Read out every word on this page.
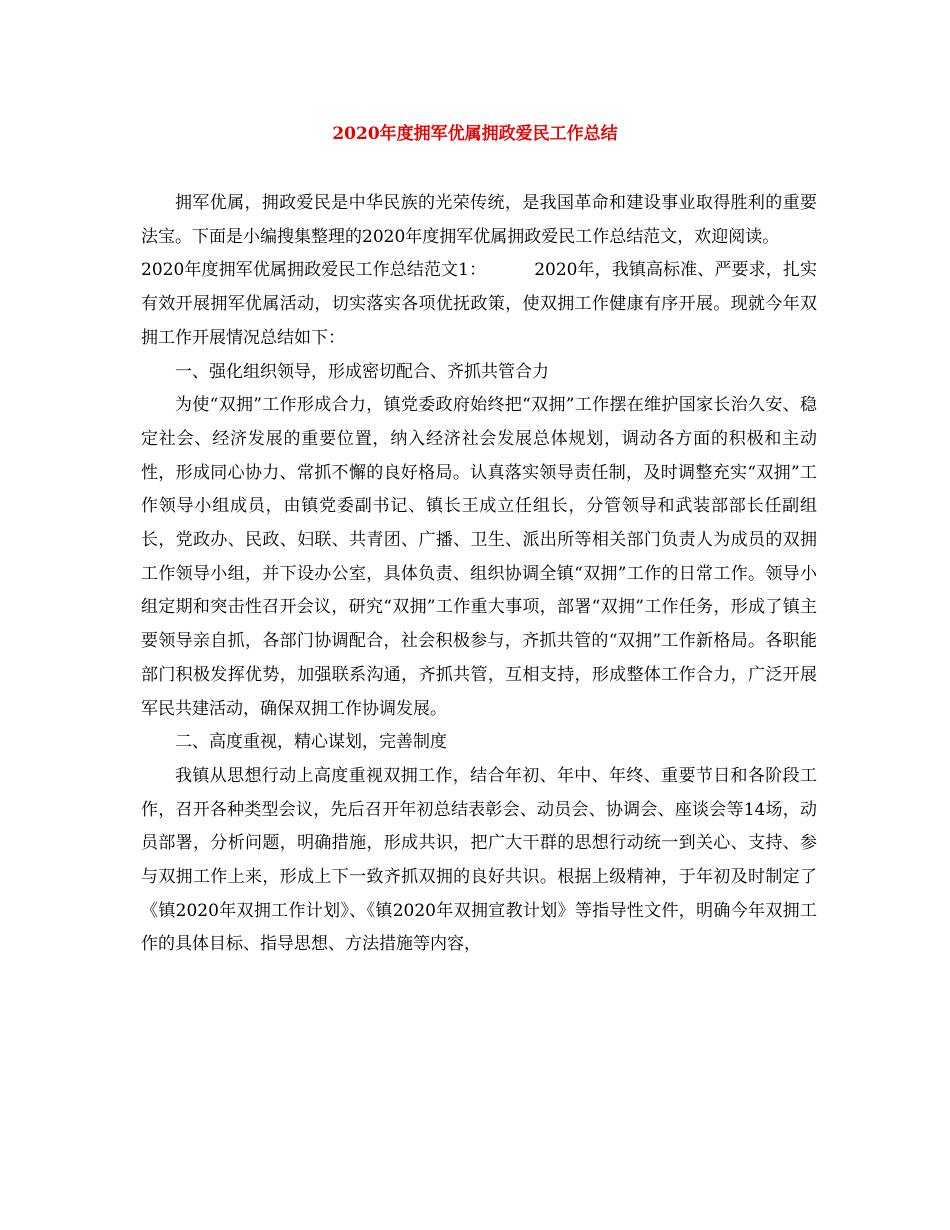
2020年度拥军优属拥政爱民工作总结

拥军优属，拥政爱民是中华民族的光荣传统，是我国革命和建设事业取得胜利的重要法宝。下面是小编搜集整理的2020年度拥军优属拥政爱民工作总结范文，欢迎阅读。

2020年度拥军优属拥政爱民工作总结范文1：	2020年，我镇高标准、严要求，扎实有效开展拥军优属活动，切实落实各项优抚政策，使双拥工作健康有序开展。现就今年双拥工作开展情况总结如下：

一、强化组织领导，形成密切配合、齐抓共管合力

为使“双拥”工作形成合力，镇党委政府始终把“双拥”工作摆在维护国家长治久安、稳定社会、经济发展的重要位置，纳入经济社会发展总体规划，调动各方面的积极和主动性，形成同心协力、常抓不懈的良好格局。认真落实领导责任制，及时调整充实“双拥”工作领导小组成员，由镇党委副书记、镇长王成立任组长，分管领导和武装部部长任副组长，党政办、民政、妇联、共青团、广播、卫生、派出所等相关部门负责人为成员的双拥工作领导小组，并下设办公室，具体负责、组织协调全镇“双拥”工作的日常工作。领导小组定期和突击性召开会议，研究“双拥”工作重大事项，部署“双拥”工作任务，形成了镇主要领导亲自抓，各部门协调配合，社会积极参与，齐抓共管的“双拥”工作新格局。各职能部门积极发挥优势，加强联系沟通，齐抓共管，互相支持，形成整体工作合力，广泛开展军民共建活动，确保双拥工作协调发展。

二、高度重视，精心谋划，完善制度

我镇从思想行动上高度重视双拥工作，结合年初、年中、年终、重要节日和各阶段工作，召开各种类型会议，先后召开年初总结表彰会、动员会、协调会、座谈会等14场，动员部署，分析问题，明确措施，形成共识，把广大干群的思想行动统一到关心、支持、参与双拥工作上来，形成上下一致齐抓双拥的良好共识。根据上级精神，于年初及时制定了《镇2020年双拥工作计划》、《镇2020年双拥宣教计划》等指导性文件，明确今年双拥工作的具体目标、指导思想、方法措施等内容，
